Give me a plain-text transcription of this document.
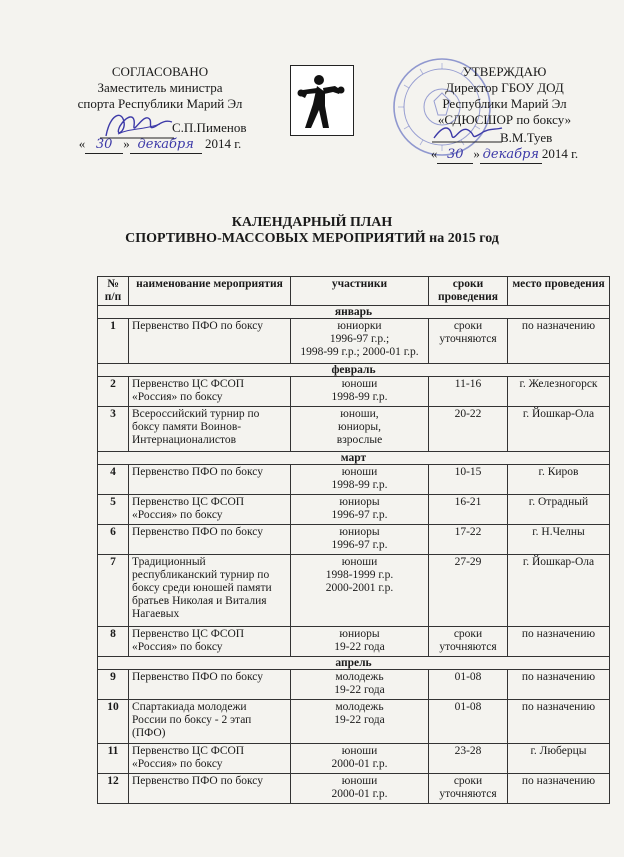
СОГЛАСОВАНО
Заместитель министра
спорта Республики Марий Эл
С.П.Пименов
« 30 » декабря 2014 г.
УТВЕРЖДАЮ
Директор ГБОУ ДОД
Республики Марий Эл
«СДЮСШОР по боксу»
В.М.Туев
« 30 » декабря 2014 г.
КАЛЕНДАРНЫЙ ПЛАН
СПОРТИВНО-МАССОВЫХ МЕРОПРИЯТИЙ на 2015 год
№ п/п	наименование мероприятия	участники	сроки проведения	место проведения
январь				
1	Первенство ПФО по боксу	юниорки
1996-97 г.р.;
1998-99 г.р.; 2000-01 г.р.	сроки
уточняются	по назначению
февраль				
2	Первенство ЦС ФСОП
«Россия» по боксу	юноши
1998-99 г.р.	11-16	г. Железногорск
3	Всероссийский турнир по
боксу памяти Воинов-
Интернационалистов	юноши,
юниоры,
взрослые	20-22	г. Йошкар-Ола
март				
4	Первенство ПФО по боксу	юноши
1998-99 г.р.	10-15	г. Киров
5	Первенство ЦС ФСОП
«Россия» по боксу	юниоры
1996-97 г.р.	16-21	г. Отрадный
6	Первенство ПФО по боксу	юниоры
1996-97 г.р.	17-22	г. Н.Челны
7	Традиционный
республиканский турнир по
боксу среди юношей памяти
братьев Николая и Виталия
Нагаевых	юноши
1998-1999 г.р.
2000-2001 г.р.	27-29	г. Йошкар-Ола
8	Первенство ЦС ФСОП
«Россия» по боксу	юниоры
19-22 года	сроки
уточняются	по назначению
апрель				
9	Первенство ПФО по боксу	молодежь
19-22 года	01-08	по назначению
10	Спартакиада молодежи
России по боксу - 2 этап
(ПФО)	молодежь
19-22 года	01-08	по назначению
11	Первенство ЦС ФСОП
«Россия» по боксу	юноши
2000-01 г.р.	23-28	г. Люберцы
12	Первенство ПФО по боксу	юноши
2000-01 г.р.	сроки
уточняются	по назначению
